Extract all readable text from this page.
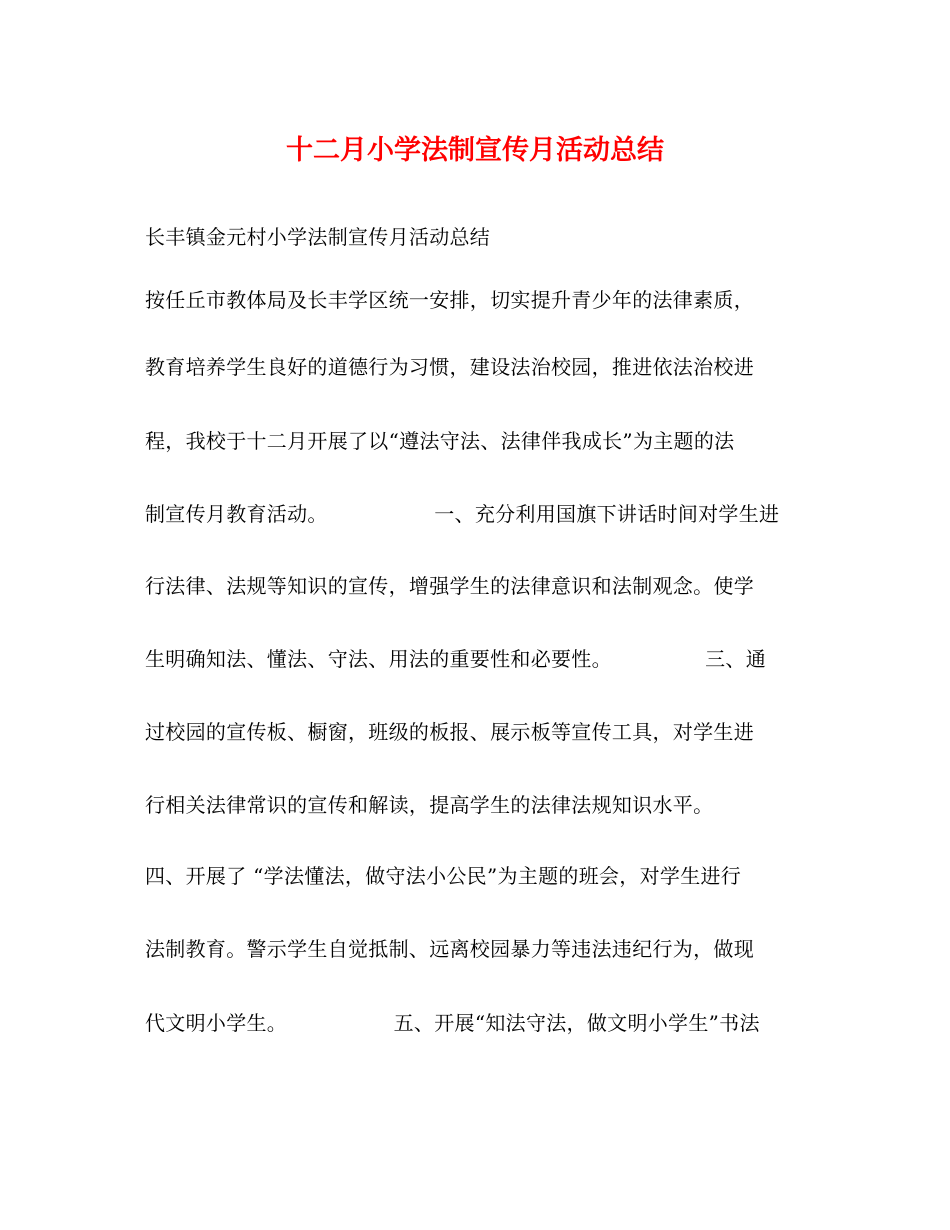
十二月小学法制宣传月活动总结
长丰镇金元村小学法制宣传月活动总结
按任丘市教体局及长丰学区统一安排，切实提升青少年的法律素质，
教育培养学生良好的道德行为习惯，建设法治校园，推进依法治校进
程，我校于十二月开展了以“遵法守法、法律伴我成长”为主题的法
制宣传月教育活动。                一、充分利用国旗下讲话时间对学生进
行法律、法规等知识的宣传，增强学生的法律意识和法制观念。使学
生明确知法、懂法、守法、用法的重要性和必要性。              三、通
过校园的宣传板、橱窗，班级的板报、展示板等宣传工具，对学生进
行相关法律常识的宣传和解读，提高学生的法律法规知识水平。
四、开展了 “学法懂法，做守法小公民”为主题的班会，对学生进行
法制教育。警示学生自觉抵制、远离校园暴力等违法违纪行为，做现
代文明小学生。                五、开展“知法守法，做文明小学生”书法
